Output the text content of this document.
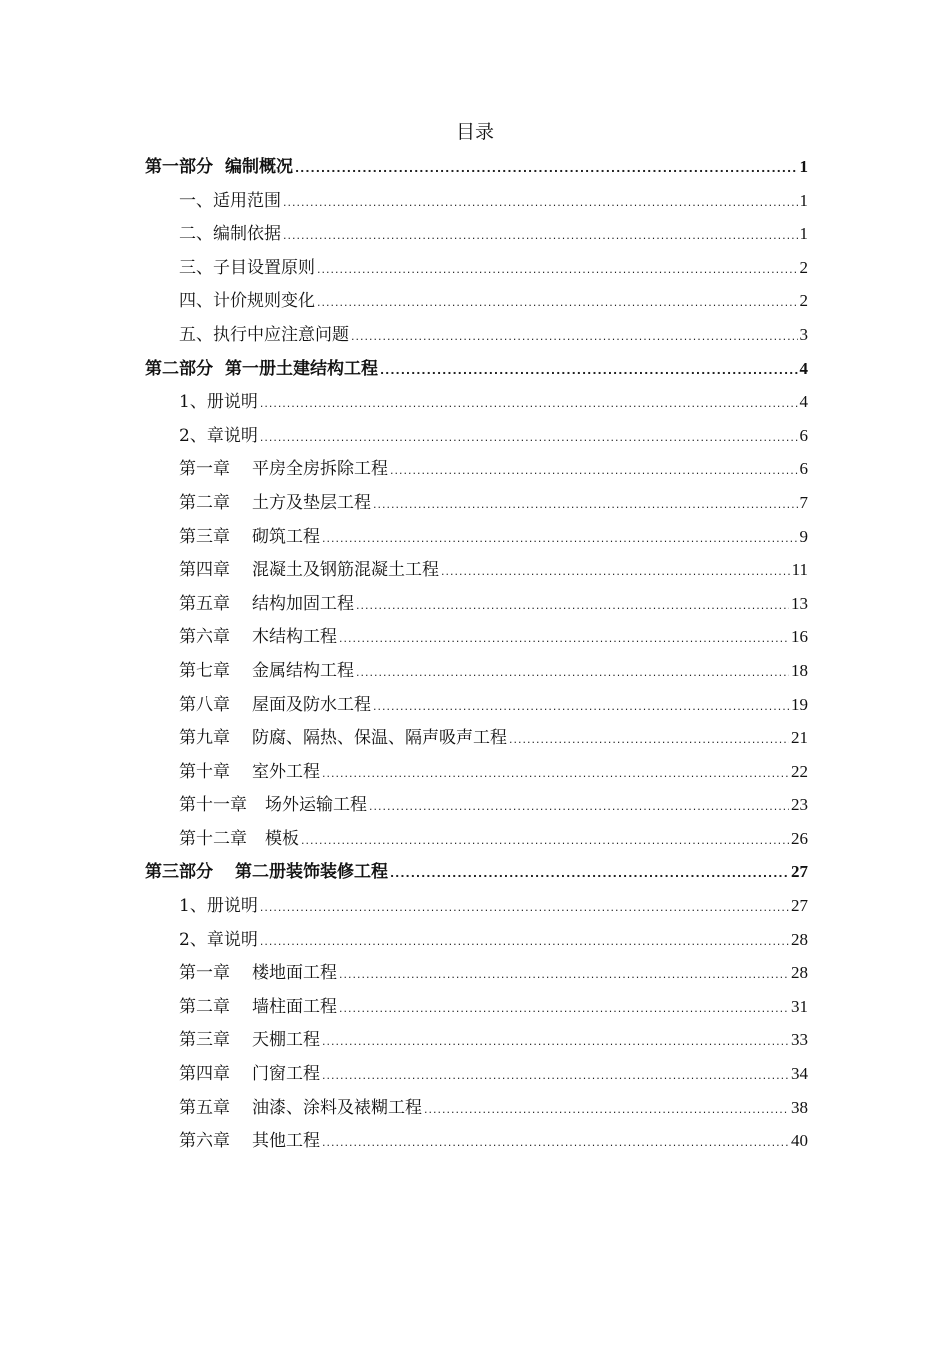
目录
第一部分 编制概况 .....	1
一、适用范围 .....	1
二、编制依据 .....	1
三、子目设置原则 .....	2
四、计价规则变化 .....	2
五、执行中应注意问题 .....	3
第二部分 第一册土建结构工程 .....	4
1、册说明 .....	4
2、章说明 .....	6
第一章 平房全房拆除工程 .....	6
第二章 土方及垫层工程 .....	7
第三章 砌筑工程 .....	9
第四章 混凝土及钢筋混凝土工程 .....	11
第五章 结构加固工程 .....	13
第六章 木结构工程 .....	16
第七章 金属结构工程 .....	18
第八章 屋面及防水工程 .....	19
第九章 防腐、隔热、保温、隔声吸声工程 .....	21
第十章 室外工程 .....	22
第十一章 场外运输工程 .....	23
第十二章 模板 .....	26
第三部分 第二册装饰装修工程 .....	27
1、册说明 .....	27
2、章说明 .....	28
第一章 楼地面工程 .....	28
第二章 墙柱面工程 .....	31
第三章 天棚工程 .....	33
第四章 门窗工程 .....	34
第五章 油漆、涂料及裱糊工程 .....	38
第六章 其他工程 .....	40
